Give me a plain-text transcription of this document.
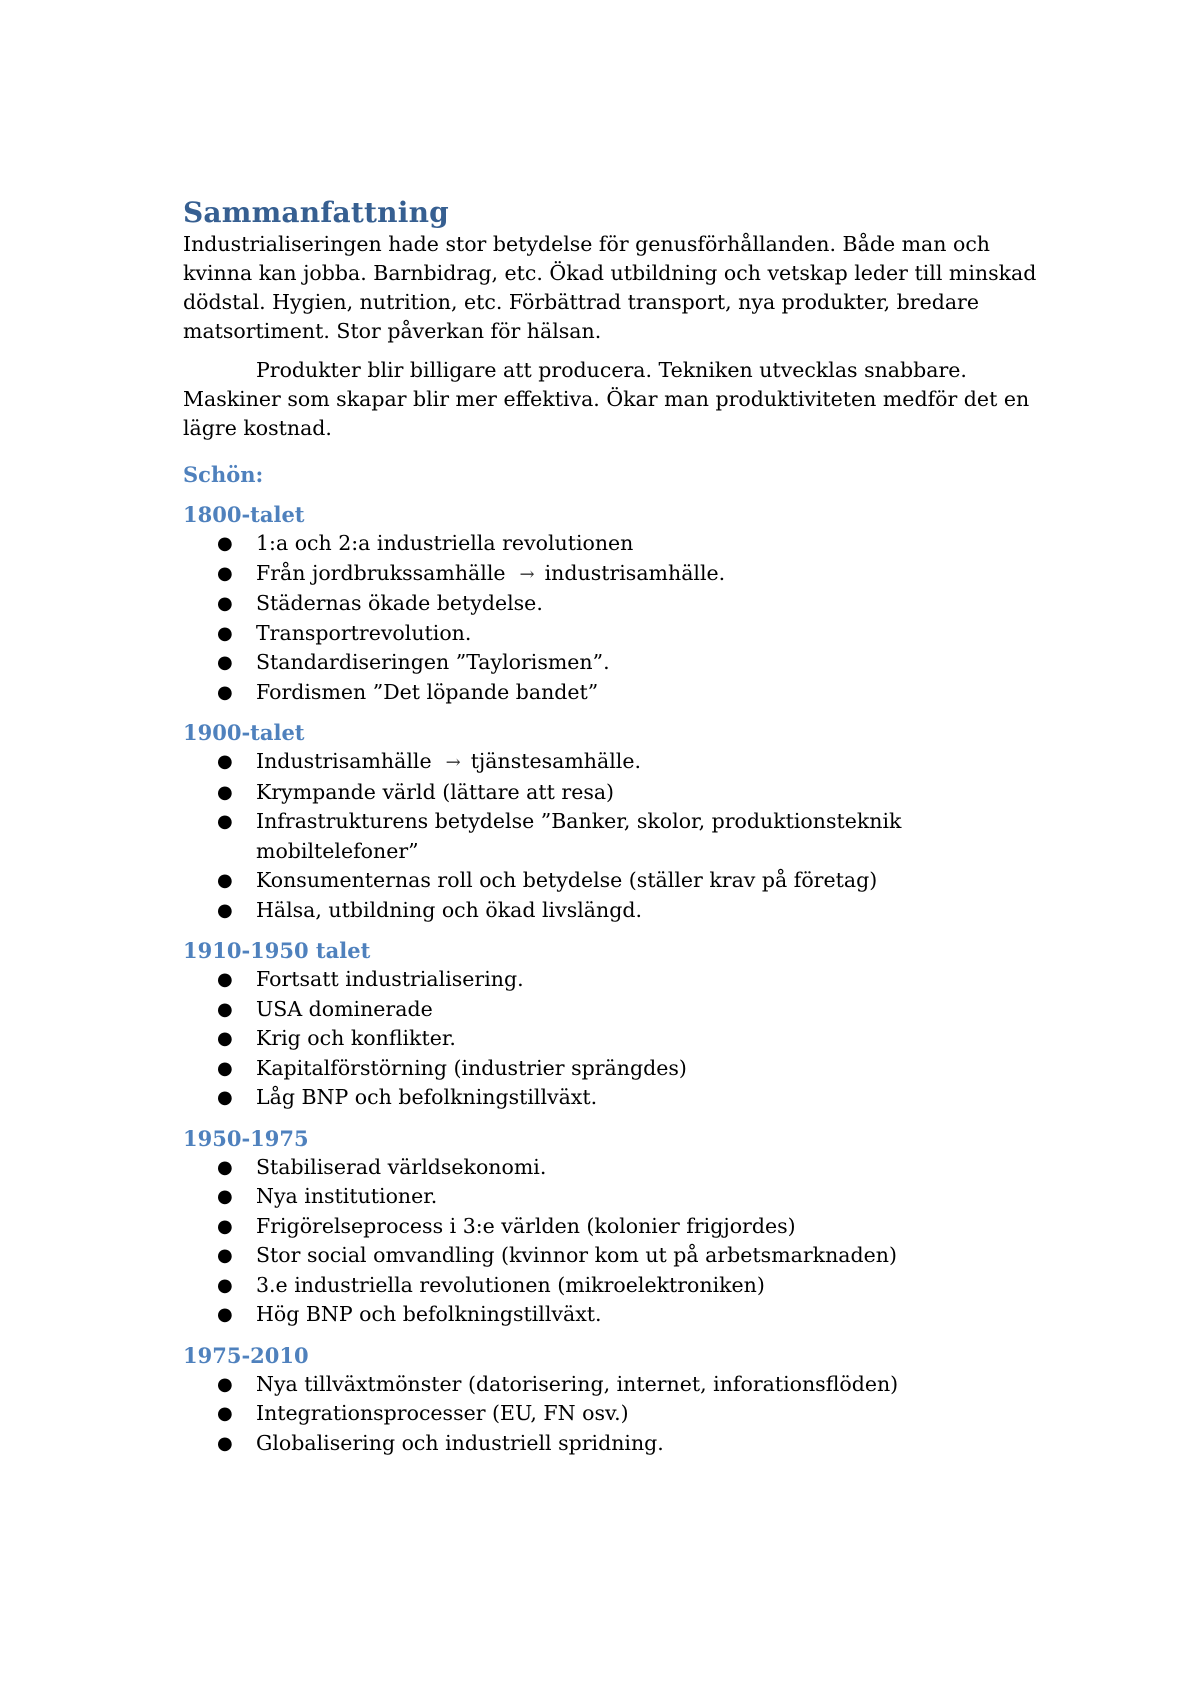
Sammanfattning

Industrialiseringen hade stor betydelse för genusförhållanden. Både man och kvinna kan jobba. Barnbidrag, etc. Ökad utbildning och vetskap leder till minskad dödstal. Hygien, nutrition, etc. Förbättrad transport, nya produkter, bredare matsortiment. Stor påverkan för hälsan.

Produkter blir billigare att producera. Tekniken utvecklas snabbare. Maskiner som skapar blir mer effektiva. Ökar man produktiviteten medför det en lägre kostnad.

Schön:
1800-talet
● 1:a och 2:a industriella revolutionen
● Från jordbrukssamhälle → industrisamhälle.
● Städernas ökade betydelse.
● Transportrevolution.
● Standardiseringen ”Taylorismen”.
● Fordismen ”Det löpande bandet”
1900-talet
● Industrisamhälle → tjänstesamhälle.
● Krympande värld (lättare att resa)
● Infrastrukturens betydelse ”Banker, skolor, produktionsteknik mobiltelefoner”
● Konsumenternas roll och betydelse (ställer krav på företag)
● Hälsa, utbildning och ökad livslängd.
1910-1950 talet
● Fortsatt industrialisering.
● USA dominerade
● Krig och konflikter.
● Kapitalförstörning (industrier sprängdes)
● Låg BNP och befolkningstillväxt.
1950-1975
● Stabiliserad världsekonomi.
● Nya institutioner.
● Frigörelseprocess i 3:e världen (kolonier frigjordes)
● Stor social omvandling (kvinnor kom ut på arbetsmarknaden)
● 3.e industriella revolutionen (mikroelektroniken)
● Hög BNP och befolkningstillväxt.
1975-2010
● Nya tillväxtmönster (datorisering, internet, inforationsflöden)
● Integrationsprocesser (EU, FN osv.)
● Globalisering och industriell spridning.
